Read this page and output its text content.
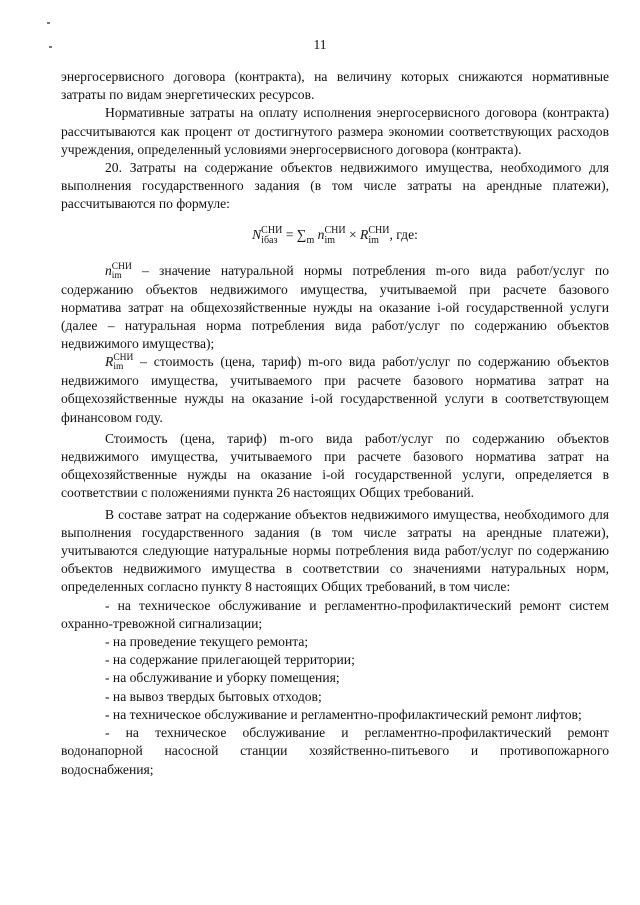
11

энергосервисного договора (контракта), на величину которых снижаются нормативные затраты по видам энергетических ресурсов.

Нормативные затраты на оплату исполнения энергосервисного договора (контракта) рассчитываются как процент от достигнутого размера экономии соответствующих расходов учреждения, определенный условиями энергосервисного договора (контракта).

20. Затраты на содержание объектов недвижимого имущества, необходимого для выполнения государственного задания (в том числе затраты на арендные платежи), рассчитываются по формуле:

N СНИ
iбаз = $\sum_m$ n СНИ
im × R СНИ
im , где:

n СНИ
im – значение натуральной нормы потребления m-ого вида работ/услуг по содержанию объектов недвижимого имущества, учитываемой при расчете базового норматива затрат на общехозяйственные нужды на оказание i-ой государственной услуги (далее – натуральная норма потребления вида работ/услуг по содержанию объектов недвижимого имущества);

R СНИ
im – стоимость (цена, тариф) m-ого вида работ/услуг по содержанию объектов недвижимого имущества, учитываемого при расчете базового норматива затрат на общехозяйственные нужды на оказание i-ой государственной услуги в соответствующем финансовом году.

Стоимость (цена, тариф) m-ого вида работ/услуг по содержанию объектов недвижимого имущества, учитываемого при расчете базового норматива затрат на общехозяйственные нужды на оказание i-ой государственной услуги, определяется в соответствии с положениями пункта 26 настоящих Общих требований.

В составе затрат на содержание объектов недвижимого имущества, необходимого для выполнения государственного задания (в том числе затраты на арендные платежи), учитываются следующие натуральные нормы потребления вида работ/услуг по содержанию объектов недвижимого имущества в соответствии со значениями натуральных норм, определенных согласно пункту 8 настоящих Общих требований, в том числе:

- на техническое обслуживание и регламентно-профилактический ремонт систем охранно-тревожной сигнализации;

- на проведение текущего ремонта;

- на содержание прилегающей территории;

- на обслуживание и уборку помещения;

- на вывоз твердых бытовых отходов;

- на техническое обслуживание и регламентно-профилактический ремонт лифтов;

- на техническое обслуживание и регламентно-профилактический ремонт водонапорной насосной станции хозяйственно-питьевого и противопожарного водоснабжения;
